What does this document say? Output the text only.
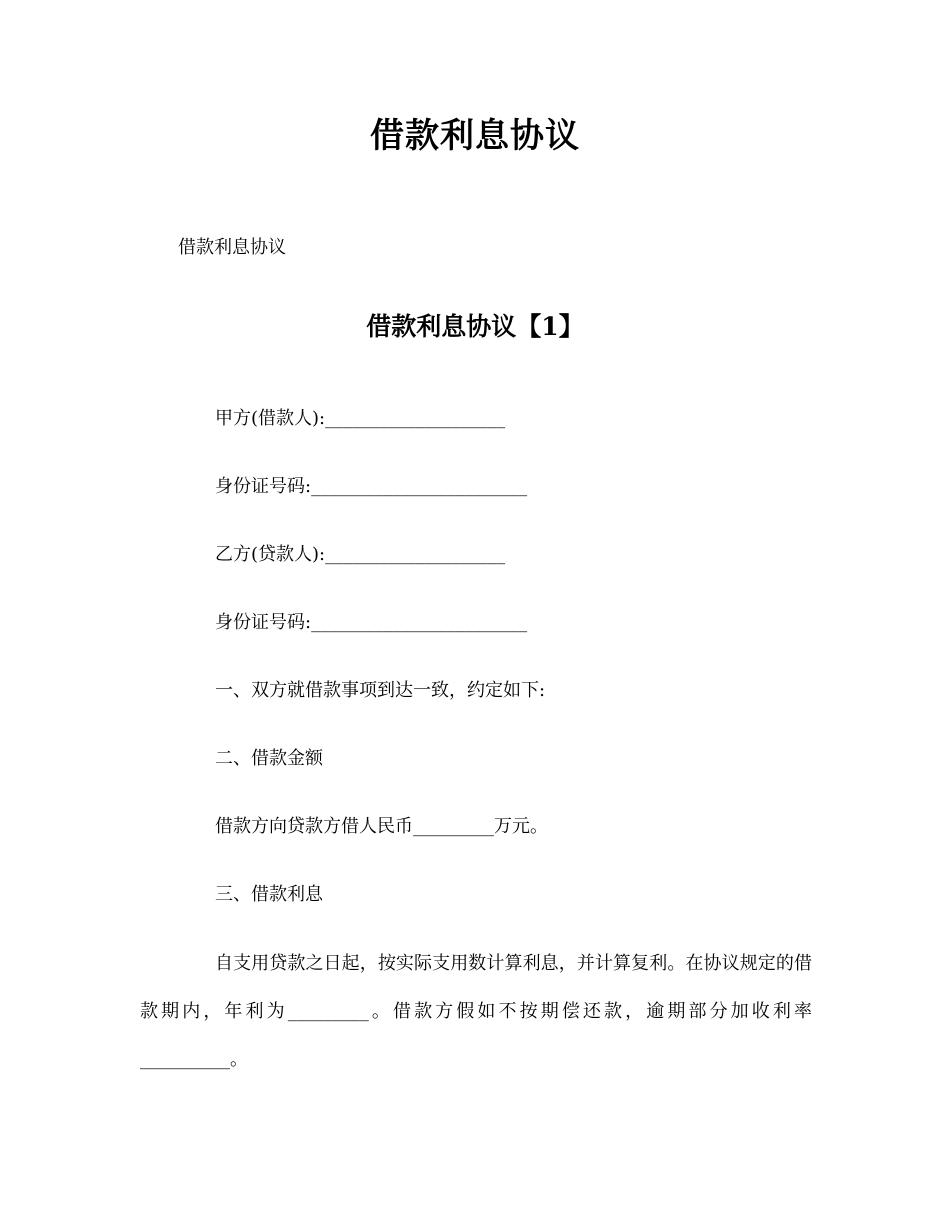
借款利息协议
借款利息协议
借款利息协议【1】
甲方(借款人):____________________
身份证号码:________________________
乙方(贷款人):____________________
身份证号码:________________________
一、双方就借款事项到达一致，约定如下:
二、借款金额
借款方向贷款方借人民币_________万元。
三、借款利息
自支用贷款之日起，按实际支用数计算利息，并计算复利。在协议规定的借款期内，年利为_________。借款方假如不按期偿还款，逾期部分加收利率__________。
